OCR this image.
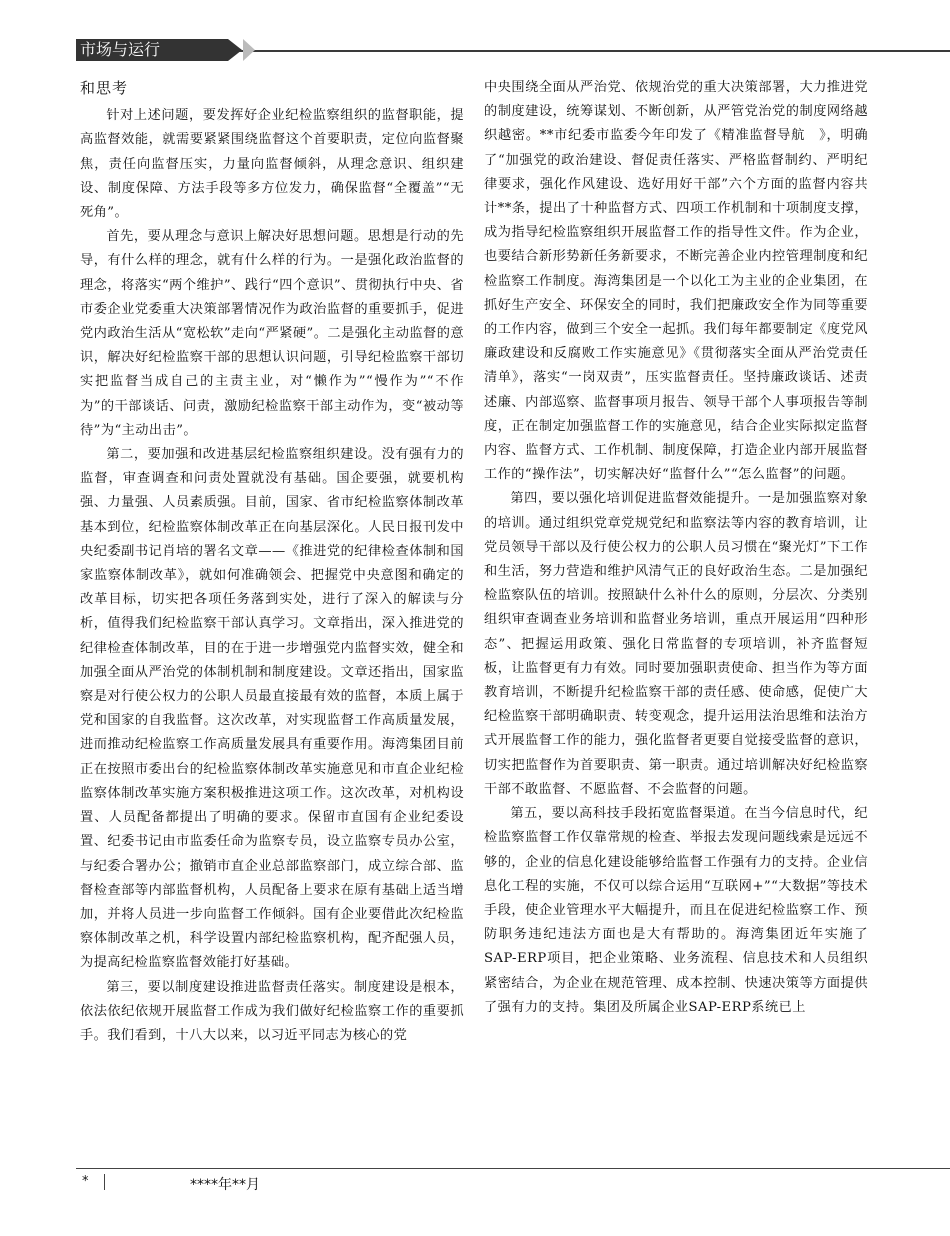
市场与运行
和思考

针对上述问题，要发挥好企业纪检监察组织的监督职能，提高监督效能，就需要紧紧围绕监督这个首要职责，定位向监督聚焦，责任向监督压实，力量向监督倾斜，从理念意识、组织建设、制度保障、方法手段等多方位发力，确保监督“全覆盖”“无死角”。

首先，要从理念与意识上解决好思想问题。思想是行动的先导，有什么样的理念，就有什么样的行为。一是强化政治监督的理念，将落实“两个维护”、践行“四个意识”、贯彻执行中央、省市委企业党委重大决策部署情况作为政治监督的重要抓手，促进党内政治生活从“宽松软”走向“严紧硬”。二是强化主动监督的意识，解决好纪检监察干部的思想认识问题，引导纪检监察干部切实把监督当成自己的主责主业，对“懒作为”“慢作为”“不作为”的干部谈话、问责，激励纪检监察干部主动作为，变“被动等待”为“主动出击”。

第二，要加强和改进基层纪检监察组织建设。没有强有力的监督，审查调查和问责处置就没有基础。国企要强，就要机构强、力量强、人员素质强。目前，国家、省市纪检监察体制改革基本到位，纪检监察体制改革正在向基层深化。人民日报刊发中央纪委副书记肖培的署名文章——《推进党的纪律检查体制和国家监察体制改革》，就如何准确领会、把握党中央意图和确定的改革目标，切实把各项任务落到实处，进行了深入的解读与分析，值得我们纪检监察干部认真学习。文章指出，深入推进党的纪律检查体制改革，目的在于进一步增强党内监督实效，健全和加强全面从严治党的体制机制和制度建设。文章还指出，国家监察是对行使公权力的公职人员最直接最有效的监督，本质上属于党和国家的自我监督。这次改革，对实现监督工作高质量发展，进而推动纪检监察工作高质量发展具有重要作用。海湾集团目前正在按照市委出台的纪检监察体制改革实施意见和市直企业纪检监察体制改革实施方案积极推进这项工作。这次改革，对机构设置、人员配备都提出了明确的要求。保留市直国有企业纪委设置、纪委书记由市监委任命为监察专员，设立监察专员办公室，与纪委合署办公；撤销市直企业总部监察部门，成立综合部、监督检查部等内部监督机构，人员配备上要求在原有基础上适当增加，并将人员进一步向监督工作倾斜。国有企业要借此次纪检监察体制改革之机，科学设置内部纪检监察机构，配齐配强人员，为提高纪检监察监督效能打好基础。

第三，要以制度建设推进监督责任落实。制度建设是根本，依法依纪依规开展监督工作成为我们做好纪检监察工作的重要抓手。我们看到，十八大以来，以习近平同志为核心的党

中央围绕全面从严治党、依规治党的重大决策部署，大力推进党的制度建设，统筹谋划、不断创新，从严管党治党的制度网络越织越密。**市纪委市监委今年印发了《精准监督导航　》，明确了“加强党的政治建设、督促责任落实、严格监督制约、严明纪律要求，强化作风建设、选好用好干部”六个方面的监督内容共计**条，提出了十种监督方式、四项工作机制和十项制度支撑，成为指导纪检监察组织开展监督工作的指导性文件。作为企业，也要结合新形势新任务新要求，不断完善企业内控管理制度和纪检监察工作制度。海湾集团是一个以化工为主业的企业集团，在抓好生产安全、环保安全的同时，我们把廉政安全作为同等重要的工作内容，做到三个安全一起抓。我们每年都要制定《度党风廉政建设和反腐败工作实施意见》《贯彻落实全面从严治党责任清单》，落实“一岗双责”，压实监督责任。坚持廉政谈话、述责述廉、内部巡察、监督事项月报告、领导干部个人事项报告等制度，正在制定加强监督工作的实施意见，结合企业实际拟定监督内容、监督方式、工作机制、制度保障，打造企业内部开展监督工作的“操作法”，切实解决好“监督什么”“怎么监督”的问题。

第四，要以强化培训促进监督效能提升。一是加强监察对象的培训。通过组织党章党规党纪和监察法等内容的教育培训，让党员领导干部以及行使公权力的公职人员习惯在“聚光灯”下工作和生活，努力营造和维护风清气正的良好政治生态。二是加强纪检监察队伍的培训。按照缺什么补什么的原则，分层次、分类别组织审查调查业务培训和监督业务培训，重点开展运用“四种形态”、把握运用政策、强化日常监督的专项培训，补齐监督短板，让监督更有力有效。同时要加强职责使命、担当作为等方面教育培训，不断提升纪检监察干部的责任感、使命感，促使广大纪检监察干部明确职责、转变观念，提升运用法治思维和法治方式开展监督工作的能力，强化监督者更要自觉接受监督的意识，切实把监督作为首要职责、第一职责。通过培训解决好纪检监察干部不敢监督、不愿监督、不会监督的问题。

第五，要以高科技手段拓宽监督渠道。在当今信息时代，纪检监察监督工作仅靠常规的检查、举报去发现问题线索是远远不够的，企业的信息化建设能够给监督工作强有力的支持。企业信息化工程的实施，不仅可以综合运用“互联网+”“大数据”等技术手段，使企业管理水平大幅提升，而且在促进纪检监察工作、预防职务违纪违法方面也是大有帮助的。海湾集团近年实施了SAP-ERP项目，把企业策略、业务流程、信息技术和人员组织紧密结合，为企业在规范管理、成本控制、快速决策等方面提供了强有力的支持。集团及所属企业SAP-ERP系统已上

*	****年**月
